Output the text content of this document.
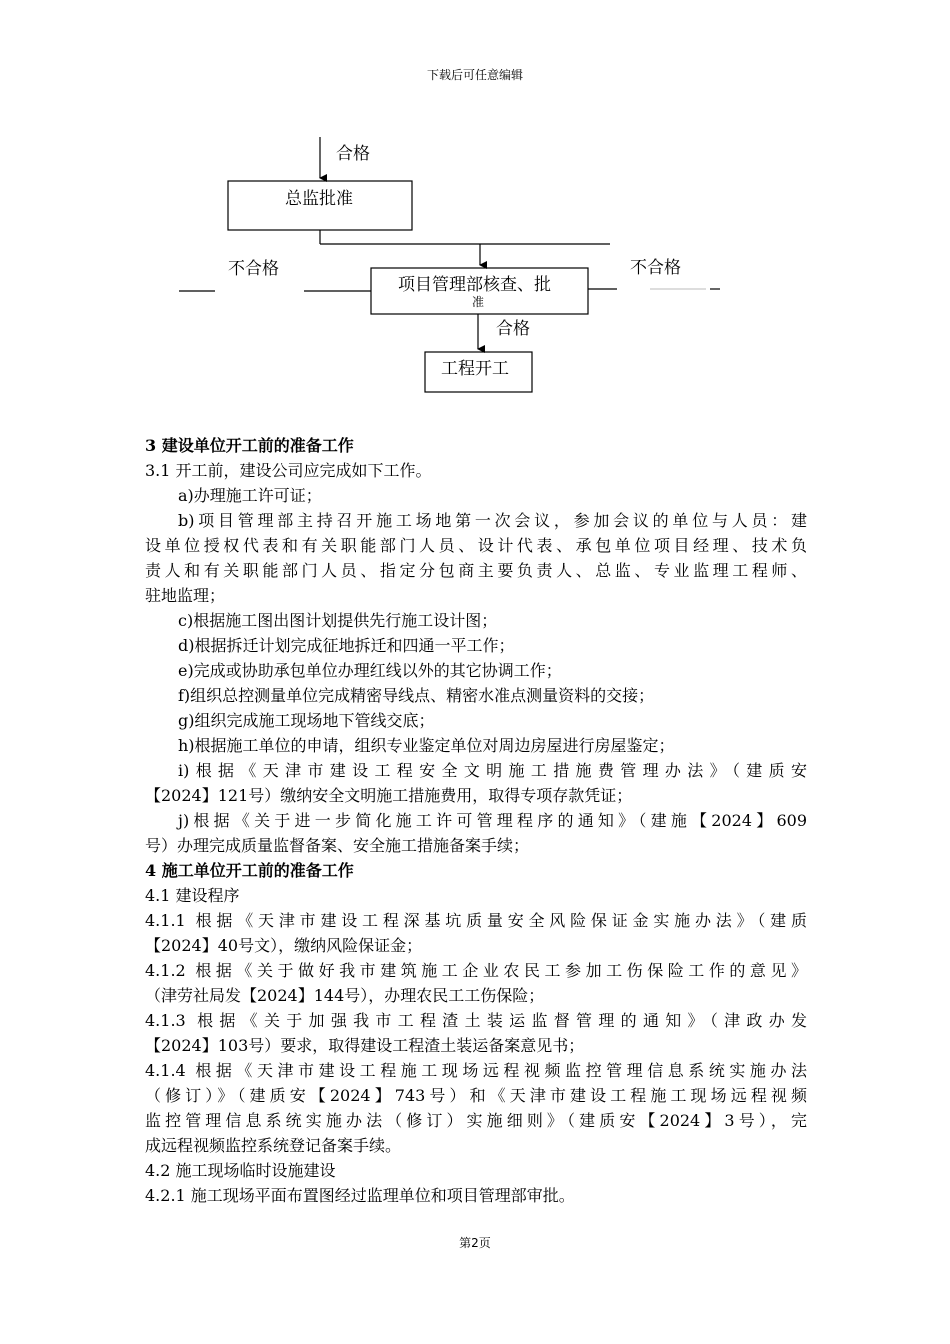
下载后可任意编辑
合格
总监批准
不合格
项目管理部核查、批
准
不合格
合格
工程开工
3 建设单位开工前的准备工作
3.1 开工前，建设公司应完成如下工作。
a)办理施工许可证；
b)项目管理部主持召开施工场地第一次会议，参加会议的单位与人员：建
设单位授权代表和有关职能部门人员、设计代表、承包单位项目经理、技术负
责人和有关职能部门人员、指定分包商主要负责人、总监、专业监理工程师、
驻地监理；
c)根据施工图出图计划提供先行施工设计图；
d)根据拆迁计划完成征地拆迁和四通一平工作；
e)完成或协助承包单位办理红线以外的其它协调工作；
f)组织总控测量单位完成精密导线点、精密水准点测量资料的交接；
g)组织完成施工现场地下管线交底；
h)根据施工单位的申请，组织专业鉴定单位对周边房屋进行房屋鉴定；
i)根据《天津市建设工程安全文明施工措施费管理办法》（建质安
【2024】121号）缴纳安全文明施工措施费用，取得专项存款凭证；
j)根据《关于进一步简化施工许可管理程序的通知》（建施【2024】609
号）办理完成质量监督备案、安全施工措施备案手续；
4 施工单位开工前的准备工作
4.1 建设程序
4.1.1 根据《天津市建设工程深基坑质量安全风险保证金实施办法》（建质
【2024】40号文），缴纳风险保证金；
4.1.2 根据《关于做好我市建筑施工企业农民工参加工伤保险工作的意见》
（津劳社局发【2024】144号），办理农民工工伤保险；
4.1.3 根据《关于加强我市工程渣土装运监督管理的通知》（津政办发
【2024】103号）要求，取得建设工程渣土装运备案意见书；
4.1.4 根据《天津市建设工程施工现场远程视频监控管理信息系统实施办法
（修订）》（建质安【2024】743号）和《天津市建设工程施工现场远程视频
监控管理信息系统实施办法（修订）实施细则》（建质安【2024】3号），完
成远程视频监控系统登记备案手续。
4.2 施工现场临时设施建设
4.2.1 施工现场平面布置图经过监理单位和项目管理部审批。
第2页
